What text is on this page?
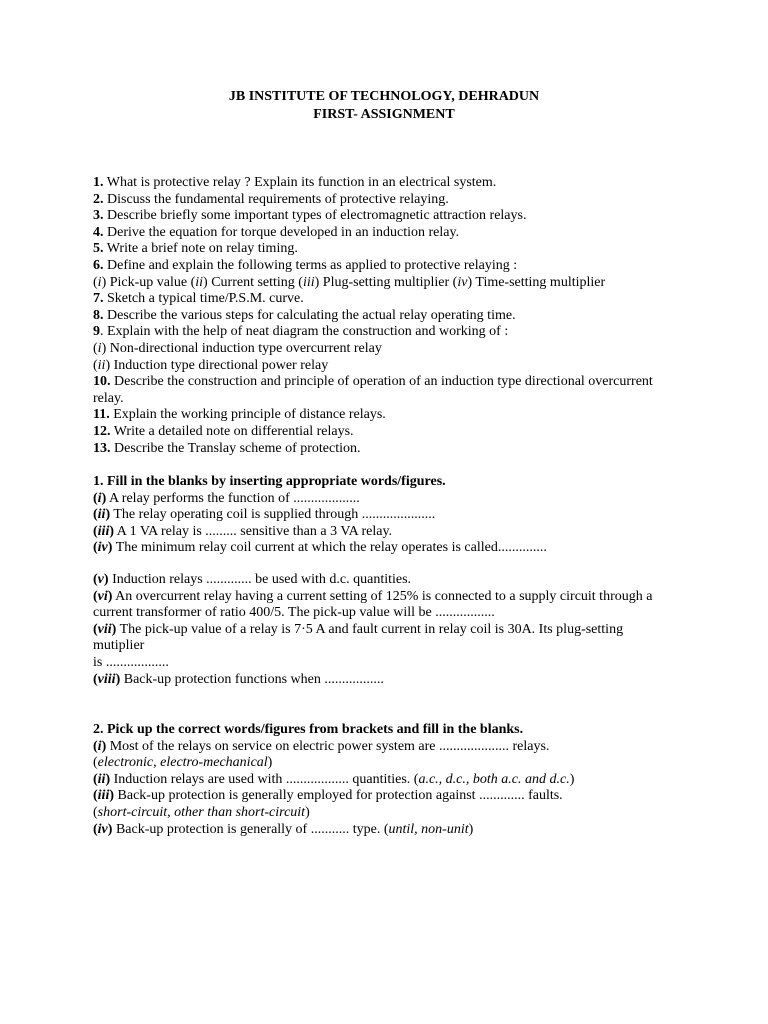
JB INSTITUTE OF TECHNOLOGY, DEHRADUN
FIRST- ASSIGNMENT
1. What is protective relay ? Explain its function in an electrical system.
2. Discuss the fundamental requirements of protective relaying.
3. Describe briefly some important types of electromagnetic attraction relays.
4. Derive the equation for torque developed in an induction relay.
5. Write a brief note on relay timing.
6. Define and explain the following terms as applied to protective relaying :
(i) Pick-up value (ii) Current setting (iii) Plug-setting multiplier (iv) Time-setting multiplier
7. Sketch a typical time/P.S.M. curve.
8. Describe the various steps for calculating the actual relay operating time.
9. Explain with the help of neat diagram the construction and working of :
(i) Non-directional induction type overcurrent relay
(ii) Induction type directional power relay
10. Describe the construction and principle of operation of an induction type directional overcurrent relay.
11. Explain the working principle of distance relays.
12. Write a detailed note on differential relays.
13. Describe the Translay scheme of protection.
1. Fill in the blanks by inserting appropriate words/figures.
(i) A relay performs the function of ...................
(ii) The relay operating coil is supplied through .....................
(iii) A 1 VA relay is ......... sensitive than a 3 VA relay.
(iv) The minimum relay coil current at which the relay operates is called..............
(v) Induction relays ............. be used with d.c. quantities.
(vi) An overcurrent relay having a current setting of 125% is connected to a supply circuit through a
current transformer of ratio 400/5. The pick-up value will be .................
(vii) The pick-up value of a relay is 7·5 A and fault current in relay coil is 30A. Its plug-setting mutiplier
is ..................
(viii) Back-up protection functions when .................
2. Pick up the correct words/figures from brackets and fill in the blanks.
(i) Most of the relays on service on electric power system are .................... relays.
(electronic, electro-mechanical)
(ii) Induction relays are used with .................. quantities. (a.c., d.c., both a.c. and d.c.)
(iii) Back-up protection is generally employed for protection against ............. faults.
(short-circuit, other than short-circuit)
(iv) Back-up protection is generally of ........... type. (until, non-unit)
